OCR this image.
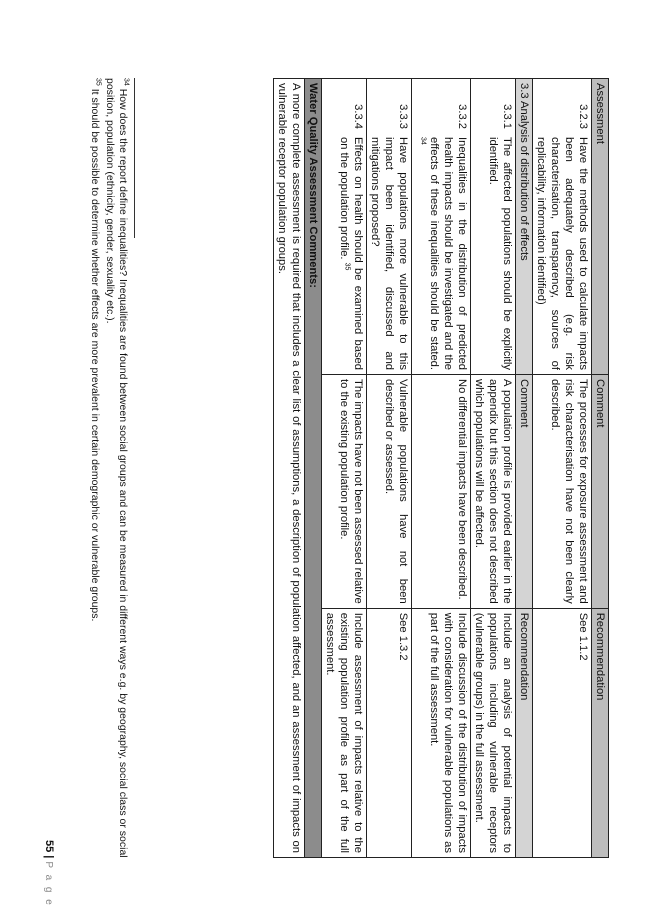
Assessment	Comment	Recommendation

3.2.3
Have the methods used to calculate impacts been adequately described (e.g. risk characterisation, transparency, sources of replicability, information identified)	The processes for exposure assessment and risk characterisation have not been clearly described.	See 1.1.2
3.3 Analysis of distribution of effects	Comment	Recommendation

3.3.1
The affected populations should be explicitly identified.	A population profile is provided earlier in the appendix but this section does not described which populations will be affected.	Include an analysis of potential impacts to populations including vulnerable receptors (vulnerable groups) in the full assessment.

3.3.2
Inequalities in the distribution of predicted health impacts should be investigated and the effects of these inequalities should be stated. $^{34}$	No differential impacts have been described.	Include discussion of the distribution of impacts with consideration for vulnerable populations as part of the full assessment.

3.3.3
Have populations more vulnerable to this impact been identified, discussed and mitigations proposed?	Vulnerable populations have not been described or assessed.	See 1.3.2

3.3.4
Effects on health should be examined based on the population profile. $^{35}$	The impacts have not been assessed relative to the existing population profile.	Include assessment of impacts relative to the existing population profile as part of the full assessment.
Water Quality Assessment Comments:		
A more complete assessment is required that includes a clear list of assumptions, a description of population affected, and an assessment of impacts on vulnerable receptor population groups.		

$^{34}$ How does the report define inequalities? Inequalities are found between social groups and can be measured in different ways e.g. by geography, social class or social position, population (ethnicity, gender, sexuality etc.).

$^{35}$ It should be possible to determine whether effects are more prevalent in certain demographic or vulnerable groups.

55|P a g e
